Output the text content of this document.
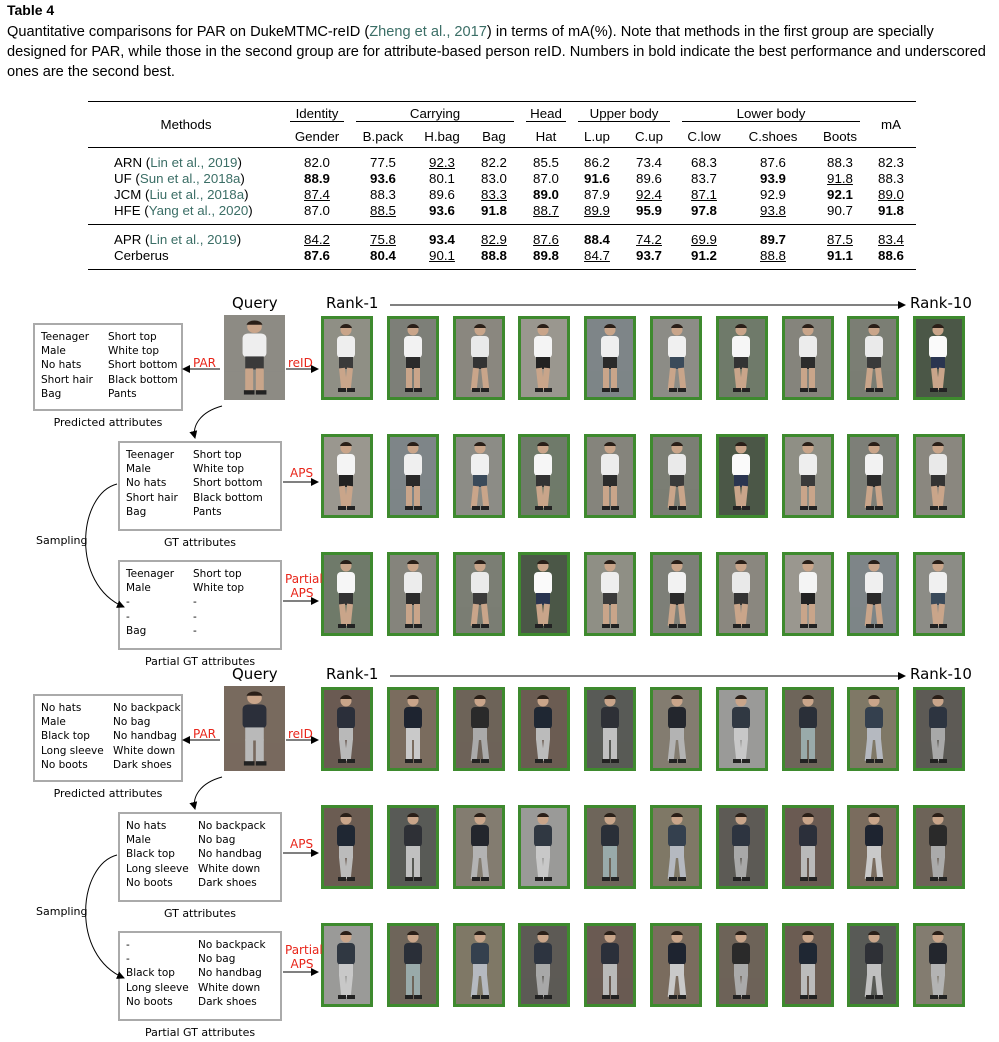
Table 4
Quantitative comparisons for PAR on DukeMTMC-reID (Zheng et al., 2017) in terms of mA(%). Note that methods in the first group are specially designed for PAR, while those in the second group are for attribute-based person reID. Numbers in bold indicate the best performance and underscored ones are the second best.
Methods	Identity	Carrying			Head	Upper body		Lower body			mA
	Gender	B.pack	H.bag	Bag	Hat	L.up	C.up	C.low	C.shoes	Boots	

ARN (Lin et al., 2019)	82.0	77.5	92.3	82.2	85.5	86.2	73.4	68.3	87.6	88.3	82.3
UF (Sun et al., 2018a)	88.9	93.6	80.1	83.0	87.0	91.6	89.6	83.7	93.9	91.8	88.3
JCM (Liu et al., 2018a)	87.4	88.3	89.6	83.3	89.0	87.9	92.4	87.1	92.9	92.1	89.0
HFE (Yang et al., 2020)	87.0	88.5	93.6	91.8	88.7	89.9	95.9	97.8	93.8	90.7	91.8

APR (Lin et al., 2019)	84.2	75.8	93.4	82.9	87.6	88.4	74.2	69.9	89.7	87.5	83.4
Cerberus	87.6	80.4	90.1	88.8	89.8	84.7	93.7	91.2	88.8	91.1	88.6

Query	Rank-1	Rank-10
Teenager
Male
No hats
Short hair
Bag
Short top
White top
Short bottom
Black bottom
Pants
Predicted attributes
PAR	reID
Teenager
Male
No hats
Short hair
Bag
Short top
White top
Short bottom
Black bottom
Pants
GT attributes
APS
Teenager
Male
-
-
Bag
Short top
White top
-
-
-
Partial GT attributes
Partial
APS
Sampling
Query	Rank-1	Rank-10
No hats
Male
Black top
Long sleeve
No boots
No backpack
No bag
No handbag
White down
Dark shoes
Predicted attributes
PAR	reID
No hats
Male
Black top
Long sleeve
No boots
No backpack
No bag
No handbag
White down
Dark shoes
GT attributes
APS
-
-
Black top
Long sleeve
No boots
No backpack
No bag
No handbag
White down
Dark shoes
Partial GT attributes
Partial
APS
Sampling
